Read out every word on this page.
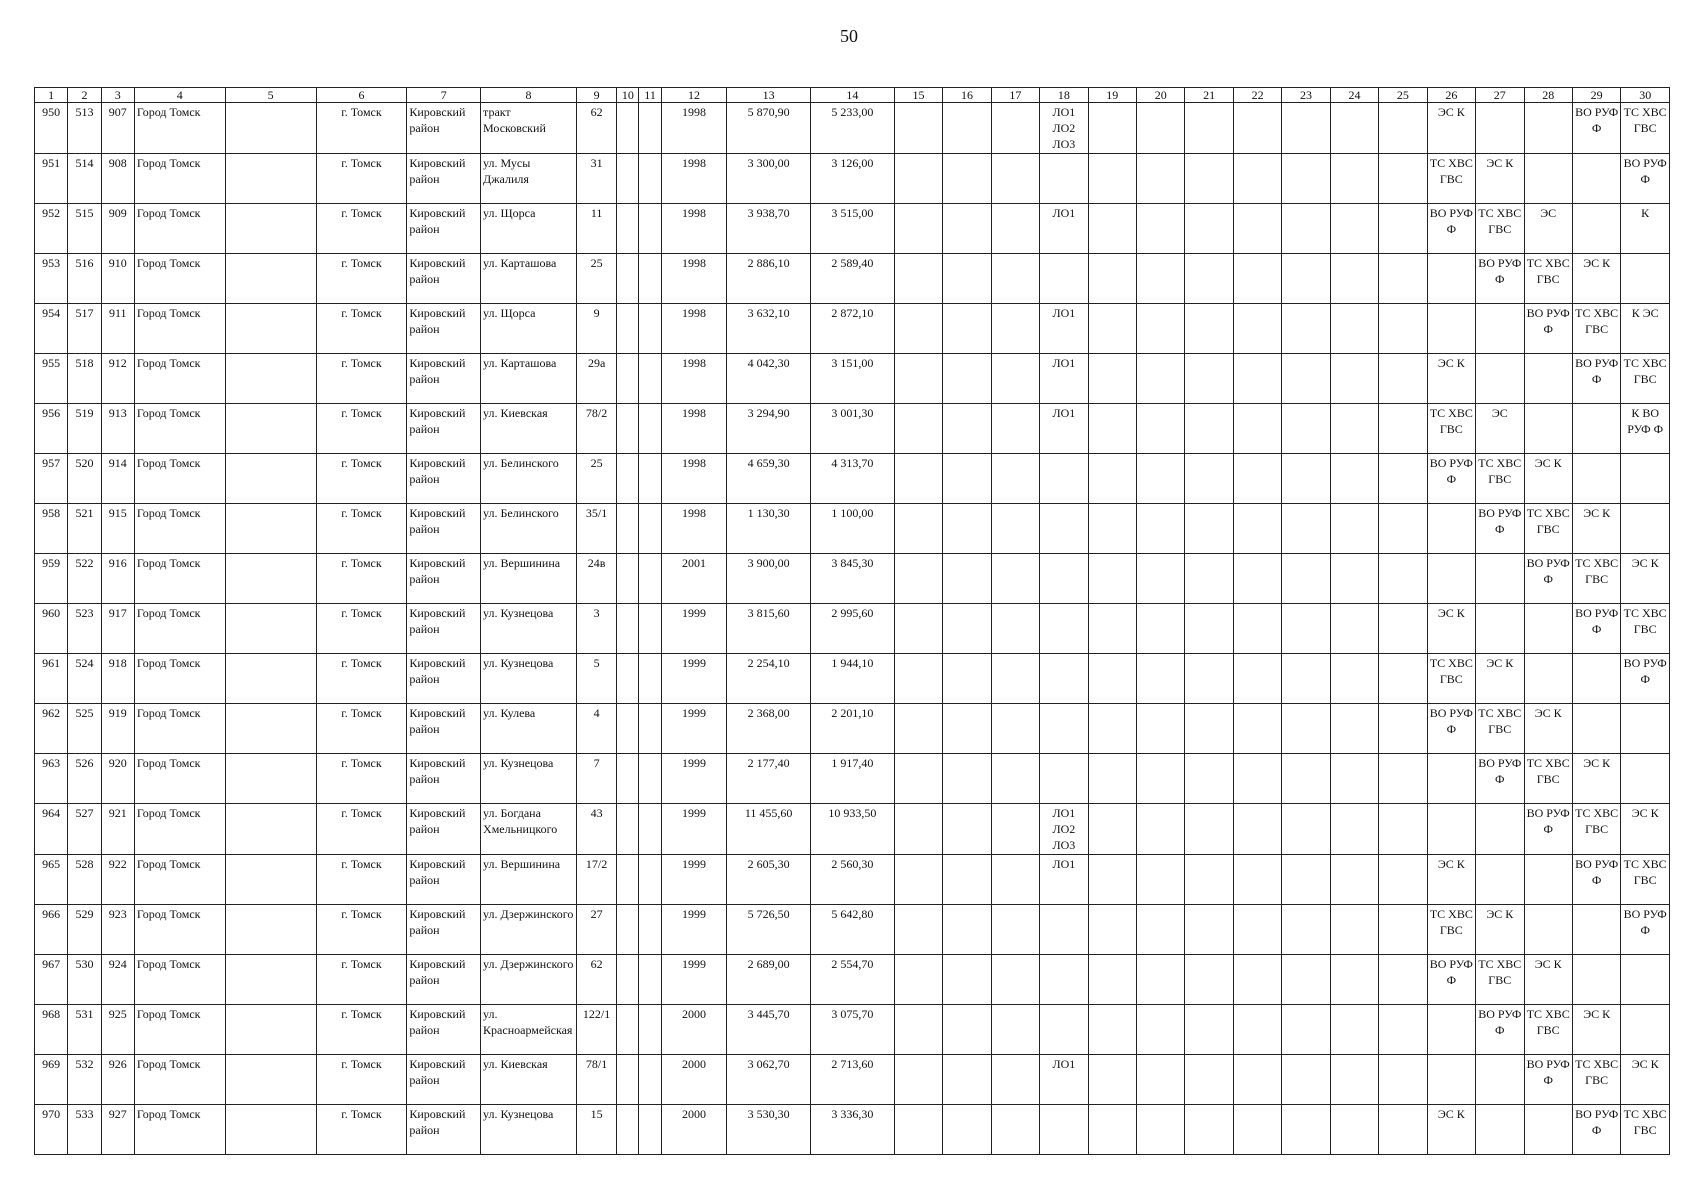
50
1	2	3	4	5	6	7	8	9	10	11	12	13	14	15	16	17	18	19	20	21	22	23	24	25	26	27	28	29	30
950	513	907	Город Томск		г. Томск	Кировский район	тракт Московский	62			1998	5 870,90	5 233,00				ЛО1 ЛО2 ЛО3								ЭС К			ВО РУФ Ф	ТС ХВС ГВС
951	514	908	Город Томск		г. Томск	Кировский район	ул. Мусы Джалиля	31			1998	3 300,00	3 126,00												ТС ХВС ГВС	ЭС К			ВО РУФ Ф
952	515	909	Город Томск		г. Томск	Кировский район	ул. Щорса	11			1998	3 938,70	3 515,00				ЛО1								ВО РУФ Ф	ТС ХВС ГВС	ЭС		К
953	516	910	Город Томск		г. Томск	Кировский район	ул. Карташова	25			1998	2 886,10	2 589,40													ВО РУФ Ф	ТС ХВС ГВС	ЭС К	
954	517	911	Город Томск		г. Томск	Кировский район	ул. Щорса	9			1998	3 632,10	2 872,10				ЛО1										ВО РУФ Ф	ТС ХВС ГВС	К ЭС
955	518	912	Город Томск		г. Томск	Кировский район	ул. Карташова	29а			1998	4 042,30	3 151,00				ЛО1								ЭС К			ВО РУФ Ф	ТС ХВС ГВС
956	519	913	Город Томск		г. Томск	Кировский район	ул. Киевская	78/2			1998	3 294,90	3 001,30				ЛО1								ТС ХВС ГВС	ЭС			К ВО РУФ Ф
957	520	914	Город Томск		г. Томск	Кировский район	ул. Белинского	25			1998	4 659,30	4 313,70												ВО РУФ Ф	ТС ХВС ГВС	ЭС К		
958	521	915	Город Томск		г. Томск	Кировский район	ул. Белинского	35/1			1998	1 130,30	1 100,00													ВО РУФ Ф	ТС ХВС ГВС	ЭС К	
959	522	916	Город Томск		г. Томск	Кировский район	ул. Вершинина	24в			2001	3 900,00	3 845,30														ВО РУФ Ф	ТС ХВС ГВС	ЭС К
960	523	917	Город Томск		г. Томск	Кировский район	ул. Кузнецова	3			1999	3 815,60	2 995,60												ЭС К			ВО РУФ Ф	ТС ХВС ГВС
961	524	918	Город Томск		г. Томск	Кировский район	ул. Кузнецова	5			1999	2 254,10	1 944,10												ТС ХВС ГВС	ЭС К			ВО РУФ Ф
962	525	919	Город Томск		г. Томск	Кировский район	ул. Кулева	4			1999	2 368,00	2 201,10												ВО РУФ Ф	ТС ХВС ГВС	ЭС К		
963	526	920	Город Томск		г. Томск	Кировский район	ул. Кузнецова	7			1999	2 177,40	1 917,40													ВО РУФ Ф	ТС ХВС ГВС	ЭС К	
964	527	921	Город Томск		г. Томск	Кировский район	ул. Богдана Хмельницкого	43			1999	11 455,60	10 933,50				ЛО1 ЛО2 ЛО3										ВО РУФ Ф	ТС ХВС ГВС	ЭС К
965	528	922	Город Томск		г. Томск	Кировский район	ул. Вершинина	17/2			1999	2 605,30	2 560,30				ЛО1								ЭС К			ВО РУФ Ф	ТС ХВС ГВС
966	529	923	Город Томск		г. Томск	Кировский район	ул. Дзержинского	27			1999	5 726,50	5 642,80												ТС ХВС ГВС	ЭС К			ВО РУФ Ф
967	530	924	Город Томск		г. Томск	Кировский район	ул. Дзержинского	62			1999	2 689,00	2 554,70												ВО РУФ Ф	ТС ХВС ГВС	ЭС К		
968	531	925	Город Томск		г. Томск	Кировский район	ул. Красноармейская	122/1			2000	3 445,70	3 075,70													ВО РУФ Ф	ТС ХВС ГВС	ЭС К	
969	532	926	Город Томск		г. Томск	Кировский район	ул. Киевская	78/1			2000	3 062,70	2 713,60				ЛО1										ВО РУФ Ф	ТС ХВС ГВС	ЭС К
970	533	927	Город Томск		г. Томск	Кировский район	ул. Кузнецова	15			2000	3 530,30	3 336,30												ЭС К			ВО РУФ Ф	ТС ХВС ГВС
